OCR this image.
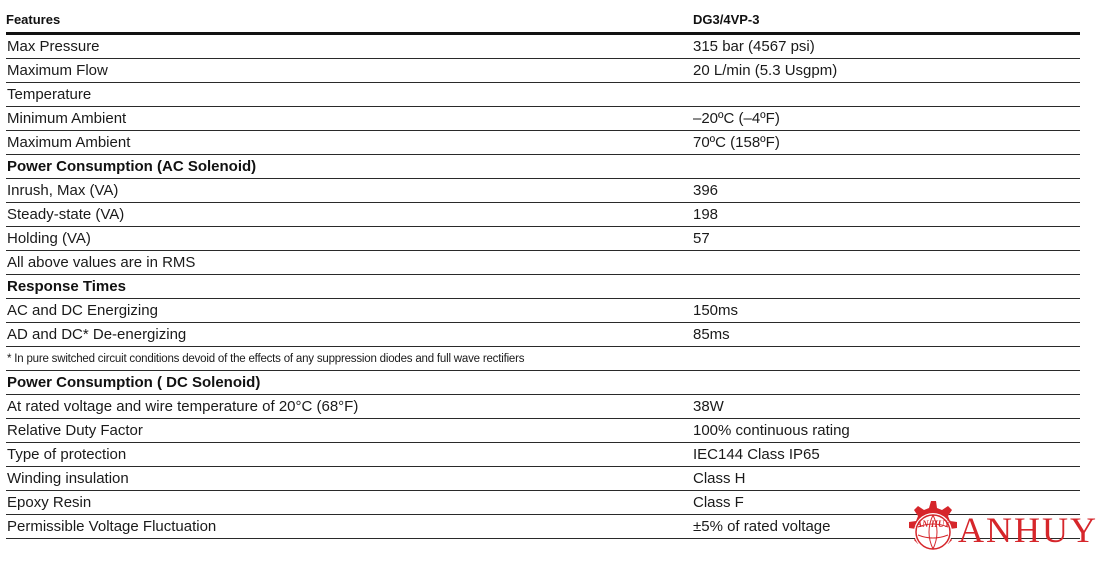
Features	DG3/4VP-3
Max Pressure	315 bar (4567 psi)
Maximum Flow	20 L/min (5.3 Usgpm)
Temperature
Minimum Ambient	–20ºC (–4ºF)
Maximum Ambient	70ºC (158ºF)
Power Consumption (AC Solenoid)
Inrush, Max (VA)	396
Steady-state (VA)	198
Holding (VA)	57
All above values are in RMS
Response Times
AC and DC Energizing	150ms
AD and DC* De-energizing	85ms
* In pure switched circuit conditions devoid of the effects of any suppression diodes and full wave rectifiers
Power Consumption ( DC Solenoid)
At rated voltage and wire temperature of 20°C (68°F)	38W
Relative Duty Factor	100% continuous rating
Type of protection	IEC144 Class IP65
Winding insulation	Class H
Epoxy Resin	Class F
Permissible Voltage Fluctuation	±5% of rated voltage	AN HUY ANHUY
